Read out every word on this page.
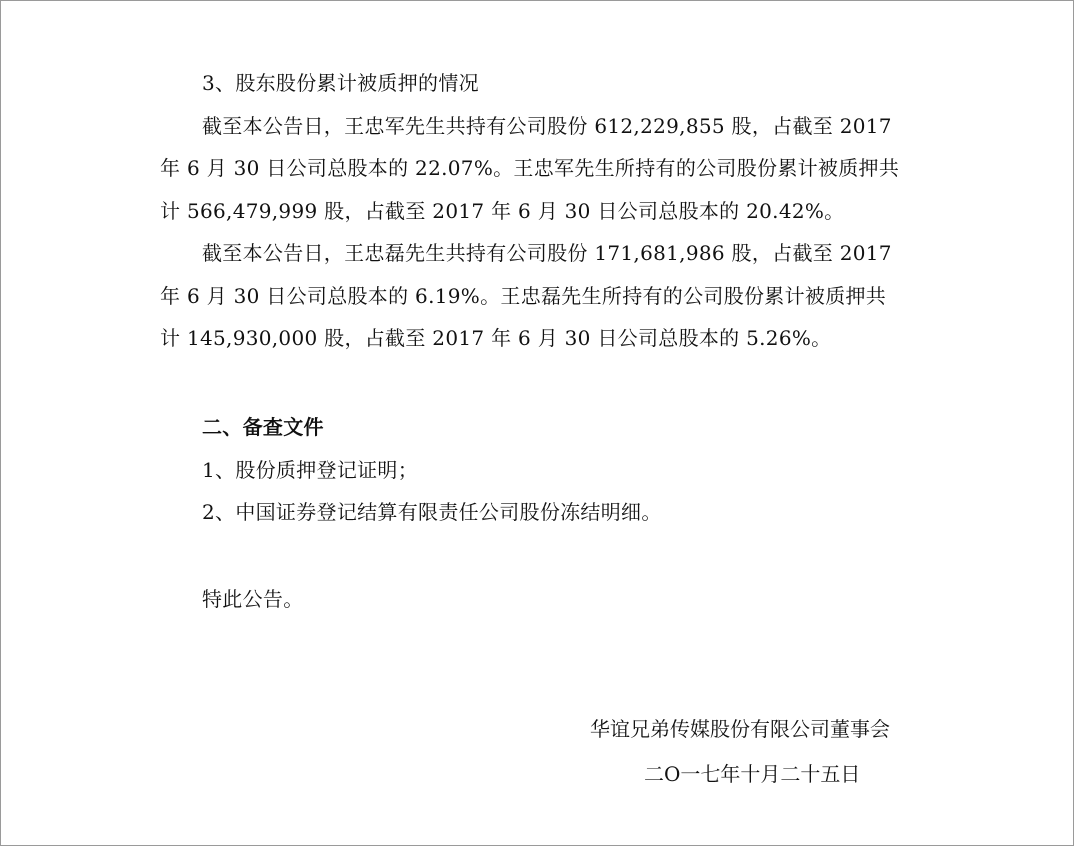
3、股东股份累计被质押的情况
截至本公告日，王忠军先生共持有公司股份 612,229,855 股，占截至 2017
年 6 月 30 日公司总股本的 22.07%。王忠军先生所持有的公司股份累计被质押共
计 566,479,999 股，占截至 2017 年 6 月 30 日公司总股本的 20.42%。
截至本公告日，王忠磊先生共持有公司股份 171,681,986 股，占截至 2017
年 6 月 30 日公司总股本的 6.19%。王忠磊先生所持有的公司股份累计被质押共
计 145,930,000 股，占截至 2017 年 6 月 30 日公司总股本的 5.26%。
二、备查文件
1、股份质押登记证明；
2、中国证券登记结算有限责任公司股份冻结明细。
特此公告。
华谊兄弟传媒股份有限公司董事会
二O一七年十月二十五日
